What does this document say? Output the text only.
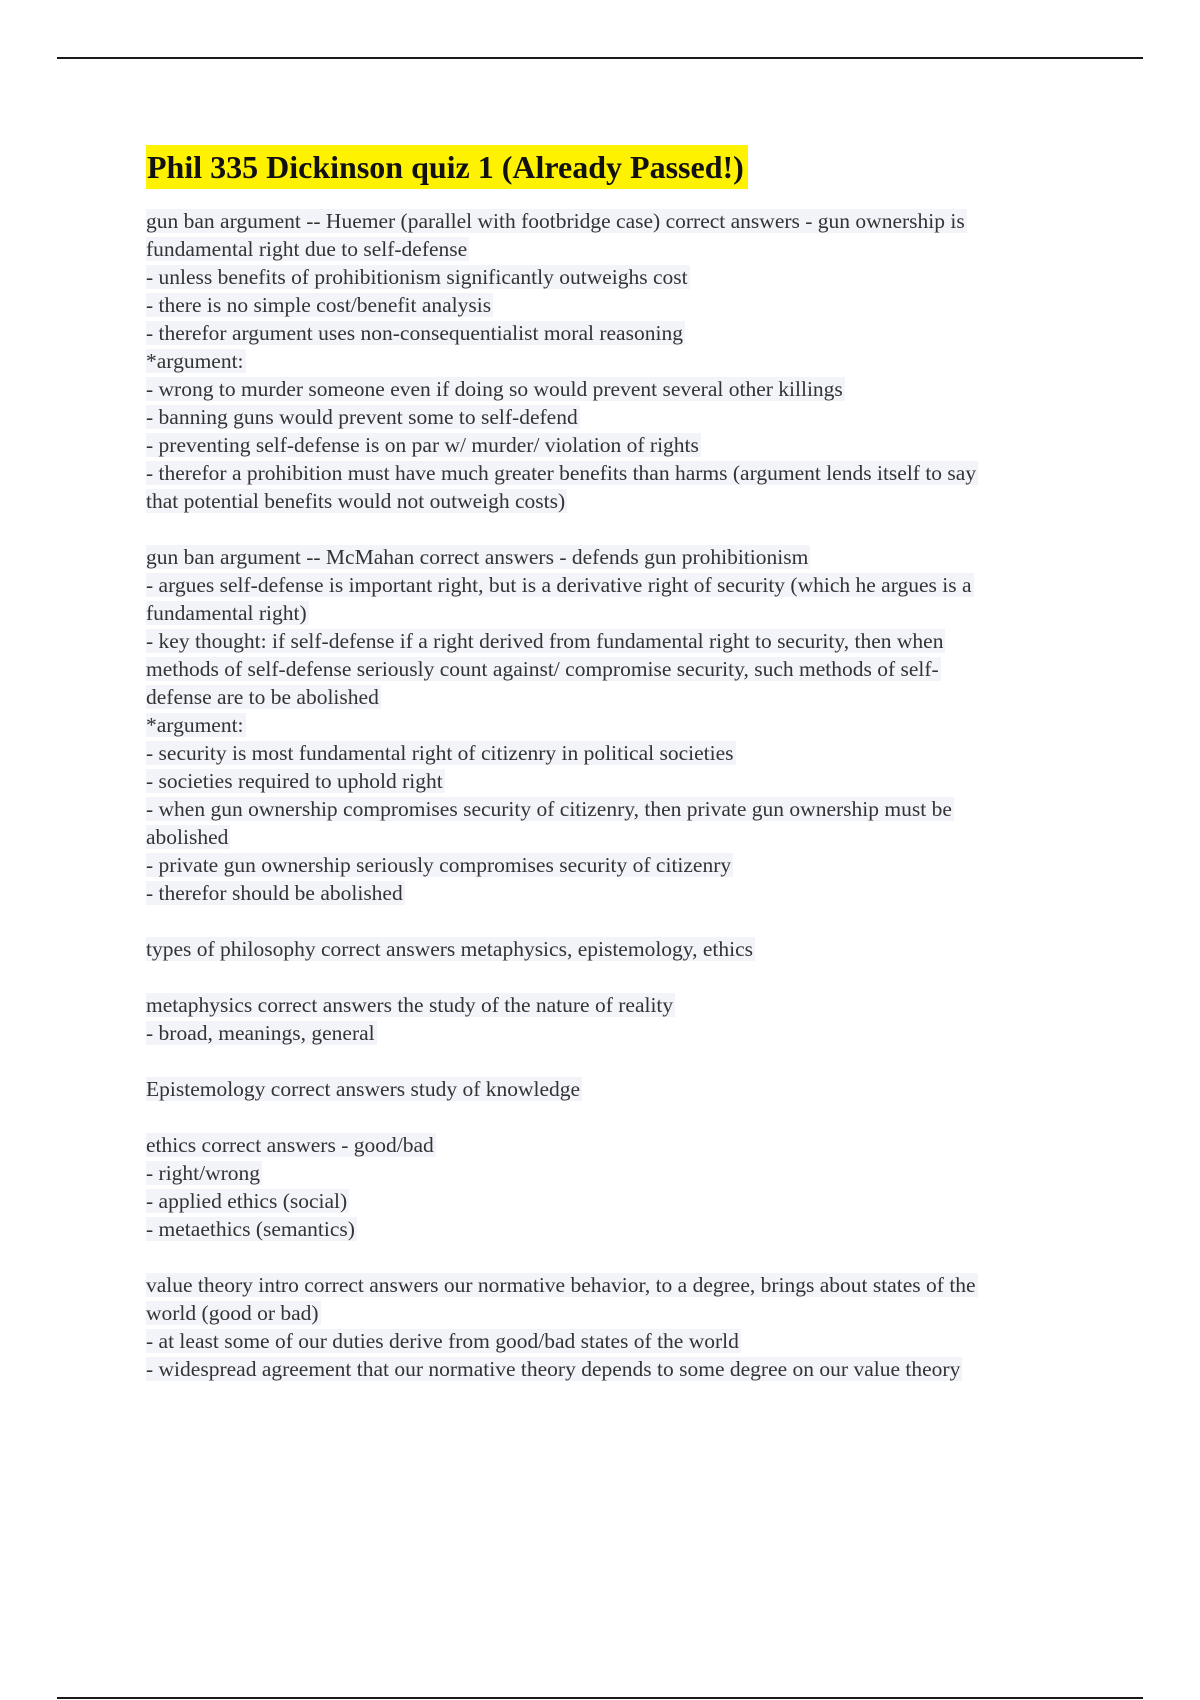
Phil 335 Dickinson quiz 1 (Already Passed!)
gun ban argument -- Huemer (parallel with footbridge case) correct answers - gun ownership is
fundamental right due to self-defense
- unless benefits of prohibitionism significantly outweighs cost
- there is no simple cost/benefit analysis
- therefor argument uses non-consequentialist moral reasoning
*argument:
- wrong to murder someone even if doing so would prevent several other killings
- banning guns would prevent some to self-defend
- preventing self-defense is on par w/ murder/ violation of rights
- therefor a prohibition must have much greater benefits than harms (argument lends itself to say
that potential benefits would not outweigh costs)
gun ban argument -- McMahan correct answers - defends gun prohibitionism
- argues self-defense is important right, but is a derivative right of security (which he argues is a
fundamental right)
- key thought: if self-defense if a right derived from fundamental right to security, then when
methods of self-defense seriously count against/ compromise security, such methods of self-
defense are to be abolished
*argument:
- security is most fundamental right of citizenry in political societies
- societies required to uphold right
- when gun ownership compromises security of citizenry, then private gun ownership must be
abolished
- private gun ownership seriously compromises security of citizenry
- therefor should be abolished
types of philosophy correct answers metaphysics, epistemology, ethics
metaphysics correct answers the study of the nature of reality
- broad, meanings, general
Epistemology correct answers study of knowledge
ethics correct answers - good/bad
- right/wrong
- applied ethics (social)
- metaethics (semantics)
value theory intro correct answers our normative behavior, to a degree, brings about states of the
world (good or bad)
- at least some of our duties derive from good/bad states of the world
- widespread agreement that our normative theory depends to some degree on our value theory
